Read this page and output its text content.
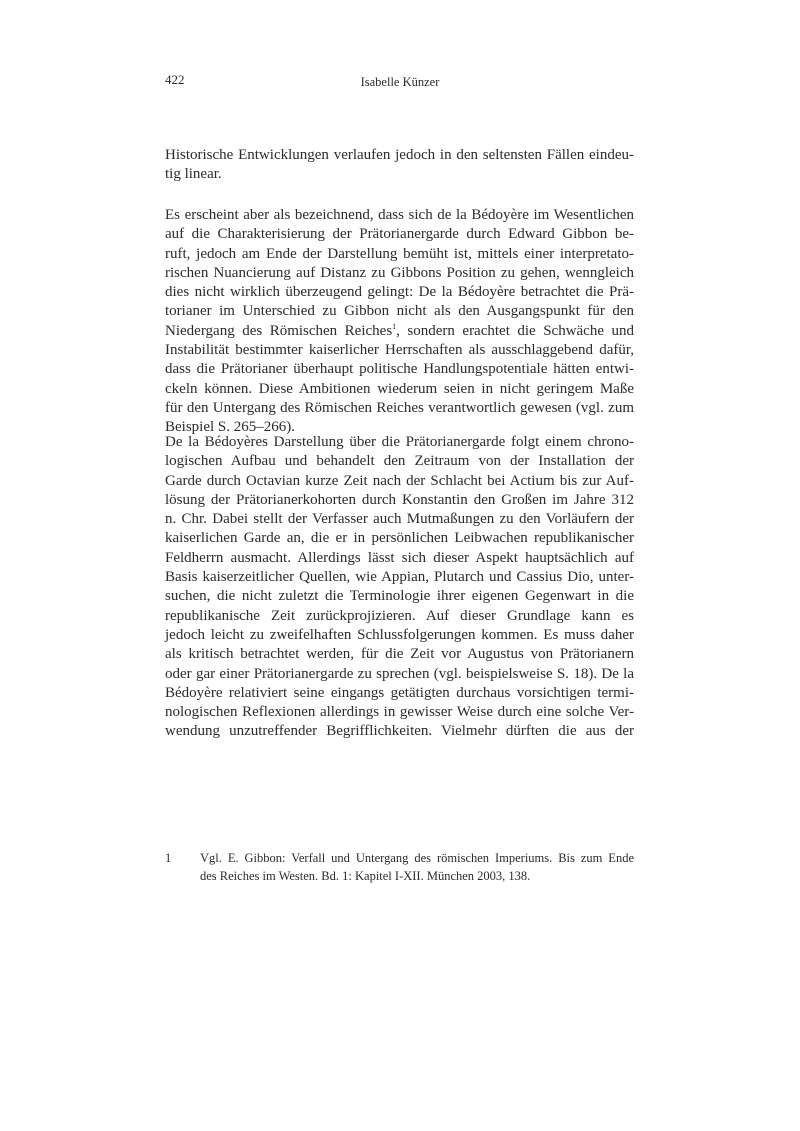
422	Isabelle Künzer
Historische Entwicklungen verlaufen jedoch in den seltensten Fällen eindeu-
tig linear.
Es erscheint aber als bezeichnend, dass sich de la Bédoyère im Wesentlichen
auf die Charakterisierung der Prätorianergarde durch Edward Gibbon be-
ruft, jedoch am Ende der Darstellung bemüht ist, mittels einer interpretato-
rischen Nuancierung auf Distanz zu Gibbons Position zu gehen, wenngleich
dies nicht wirklich überzeugend gelingt: De la Bédoyère betrachtet die Prä-
torianer im Unterschied zu Gibbon nicht als den Ausgangspunkt für den
Niedergang des Römischen Reiches$^1$, sondern erachtet die Schwäche und
Instabilität bestimmter kaiserlicher Herrschaften als ausschlaggebend dafür,
dass die Prätorianer überhaupt politische Handlungspotentiale hätten entwi-
ckeln können. Diese Ambitionen wiederum seien in nicht geringem Maße
für den Untergang des Römischen Reiches verantwortlich gewesen (vgl. zum
Beispiel S. 265–266).
De la Bédoyères Darstellung über die Prätorianergarde folgt einem chrono-
logischen Aufbau und behandelt den Zeitraum von der Installation der
Garde durch Octavian kurze Zeit nach der Schlacht bei Actium bis zur Auf-
lösung der Prätorianerkohorten durch Konstantin den Großen im Jahre 312
n. Chr. Dabei stellt der Verfasser auch Mutmaßungen zu den Vorläufern der
kaiserlichen Garde an, die er in persönlichen Leibwachen republikanischer
Feldherrn ausmacht. Allerdings lässt sich dieser Aspekt hauptsächlich auf
Basis kaiserzeitlicher Quellen, wie Appian, Plutarch und Cassius Dio, unter-
suchen, die nicht zuletzt die Terminologie ihrer eigenen Gegenwart in die
republikanische Zeit zurückprojizieren. Auf dieser Grundlage kann es
jedoch leicht zu zweifelhaften Schlussfolgerungen kommen. Es muss daher
als kritisch betrachtet werden, für die Zeit vor Augustus von Prätorianern
oder gar einer Prätorianergarde zu sprechen (vgl. beispielsweise S. 18). De la
Bédoyère relativiert seine eingangs getätigten durchaus vorsichtigen termi-
nologischen Reflexionen allerdings in gewisser Weise durch eine solche Ver-
wendung unzutreffender Begrifflichkeiten. Vielmehr dürften die aus der
1 Vgl. E. Gibbon: Verfall und Untergang des römischen Imperiums. Bis zum Ende
des Reiches im Westen. Bd. 1: Kapitel I-XII. München 2003, 138.
